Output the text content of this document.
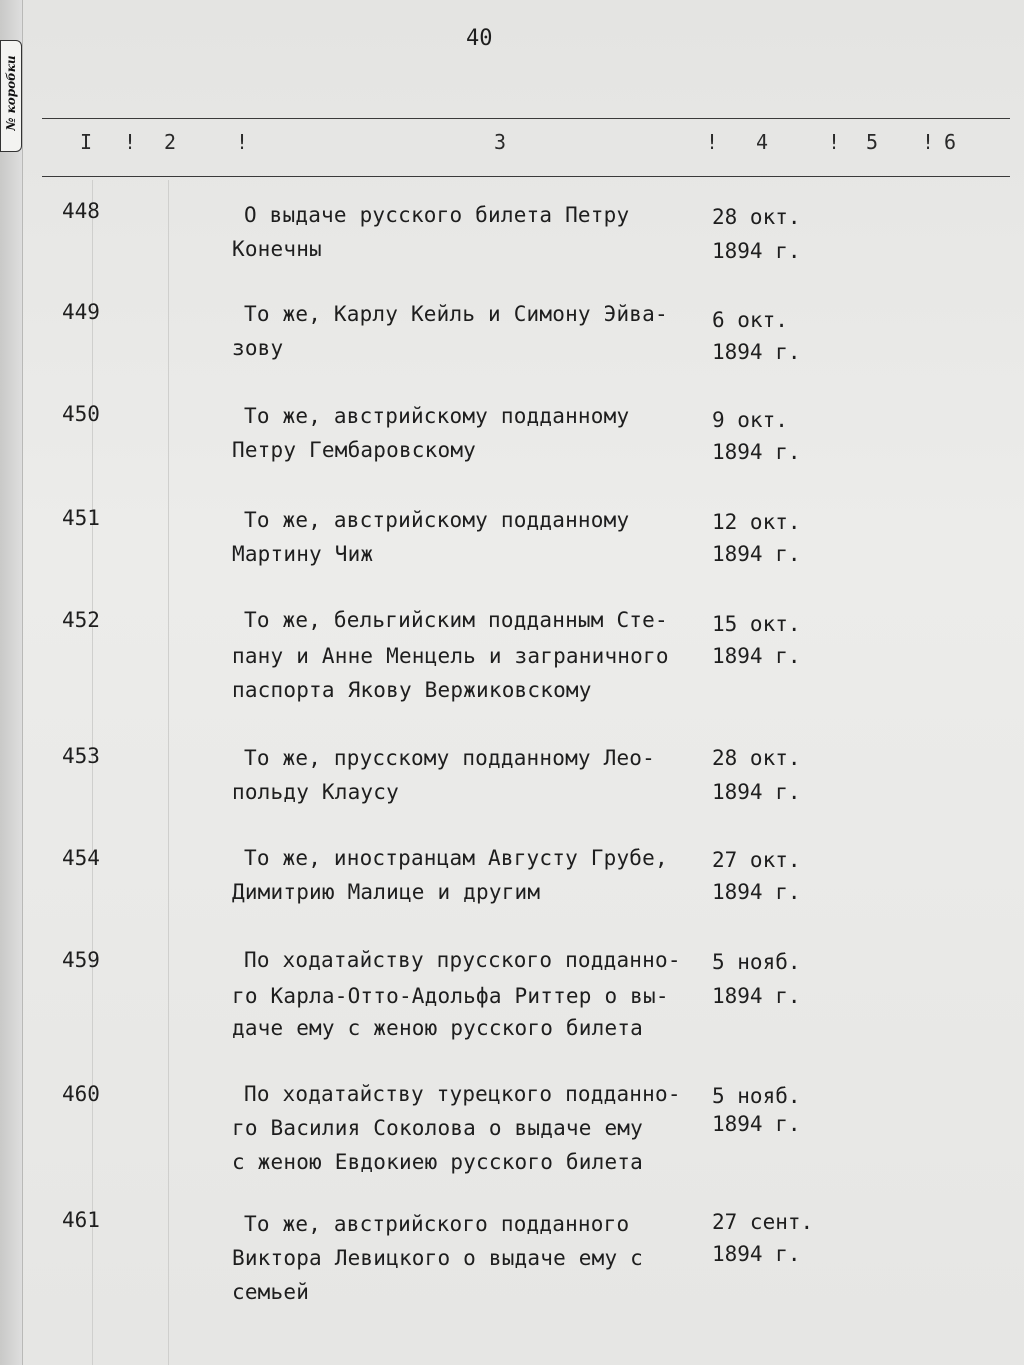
№ коробки
40
I ! 2	!	3	! 4	! 5 ! 6
448	О выдаче русского билета Петру
Конечны
28 окт.
1894 г.
449	То же, Карлу Кейль и Симону Эйва-
зову
6 окт.
1894 г.
450	То же, австрийскому подданному
Петру Гембаровскому
9 окт.
1894 г.
451	То же, австрийскому подданному
Мартину Чиж
12 окт.
1894 г.
452	То же, бельгийским подданным Сте-
пану и Анне Менцель и заграничного
паспорта Якову Вержиковскому
15 окт.
1894 г.
453	То же, прусскому подданному Лео-
польду Клаусу
28 окт.
1894 г.
454	То же, иностранцам Августу Грубе,
Димитрию Малице и другим
27 окт.
1894 г.
459	По ходатайству прусского подданно-
го Карла-Отто-Адольфа Риттер о вы-
даче ему с женою русского билета
5 нояб.
1894 г.
460	По ходатайству турецкого подданно-
го Василия Соколова о выдаче ему
с женою Евдокиею русского билета
5 нояб.
1894 г.
461	То же, австрийского подданного
Виктора Левицкого о выдаче ему с
семьей
27 сент.
1894 г.
